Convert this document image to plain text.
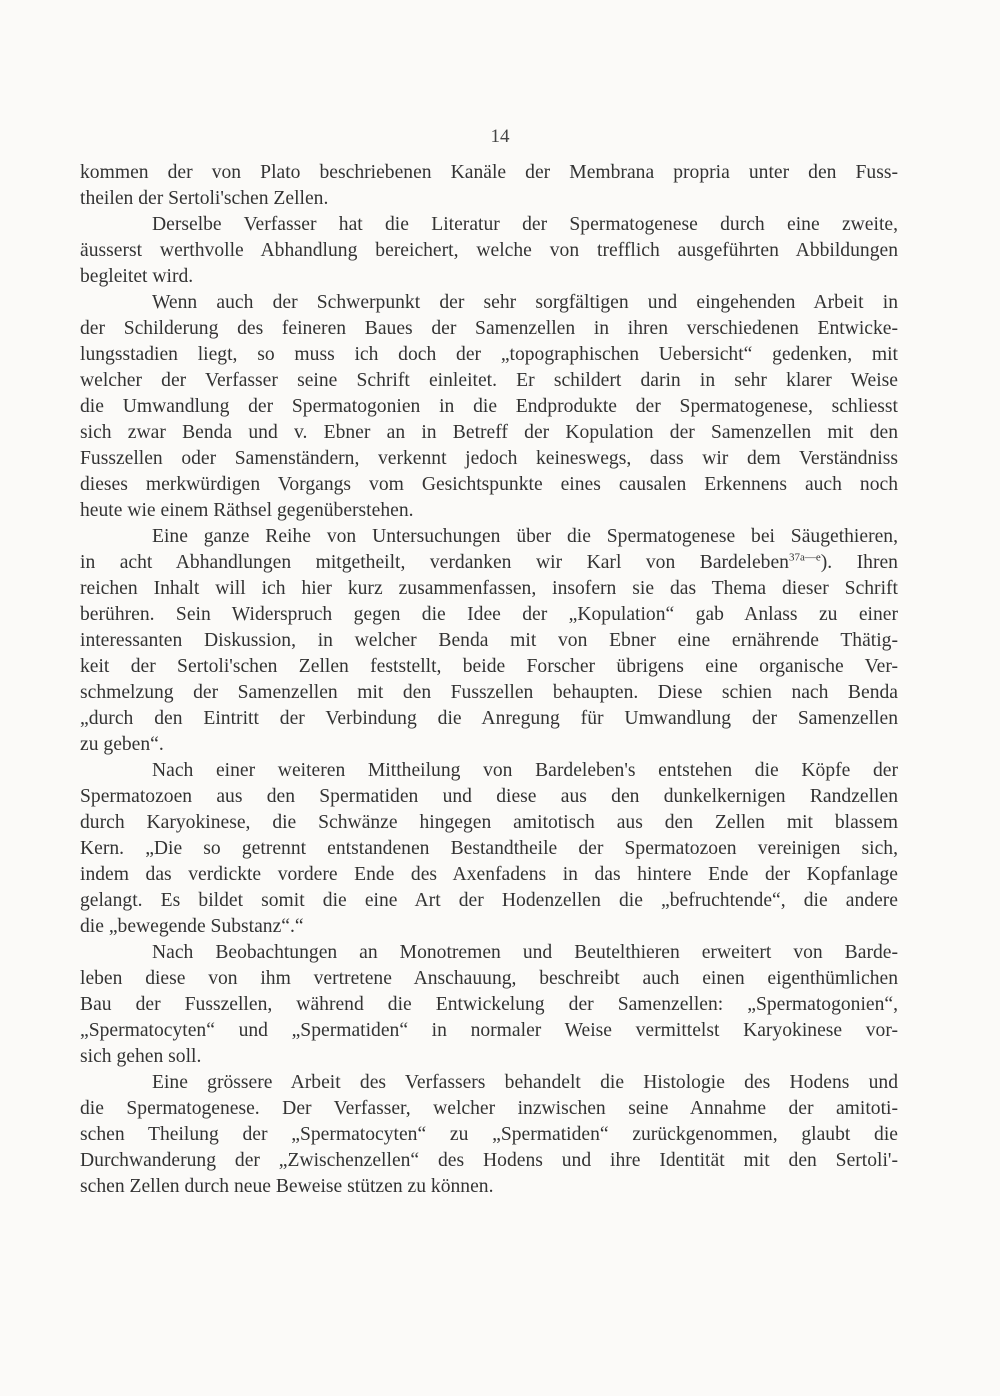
14
kommen der von Plato beschriebenen Kanäle der Membrana propria unter den Fuss-
theilen der Sertoli'schen Zellen.
Derselbe Verfasser hat die Literatur der Spermatogenese durch eine zweite,
äusserst werthvolle Abhandlung bereichert, welche von trefflich ausgeführten Abbildungen
begleitet wird.
Wenn auch der Schwerpunkt der sehr sorgfältigen und eingehenden Arbeit in
der Schilderung des feineren Baues der Samenzellen in ihren verschiedenen Entwicke-
lungsstadien liegt, so muss ich doch der „topographischen Uebersicht“ gedenken, mit
welcher der Verfasser seine Schrift einleitet. Er schildert darin in sehr klarer Weise
die Umwandlung der Spermatogonien in die Endprodukte der Spermatogenese, schliesst
sich zwar Benda und v. Ebner an in Betreff der Kopulation der Samenzellen mit den
Fusszellen oder Samenständern, verkennt jedoch keineswegs, dass wir dem Verständniss
dieses merkwürdigen Vorgangs vom Gesichtspunkte eines causalen Erkennens auch noch
heute wie einem Räthsel gegenüberstehen.
Eine ganze Reihe von Untersuchungen über die Spermatogenese bei Säugethieren,
in acht Abhandlungen mitgetheilt, verdanken wir Karl von Bardeleben$^{37a—e}$). Ihren
reichen Inhalt will ich hier kurz zusammenfassen, insofern sie das Thema dieser Schrift
berühren. Sein Widerspruch gegen die Idee der „Kopulation“ gab Anlass zu einer
interessanten Diskussion, in welcher Benda mit von Ebner eine ernährende Thätig-
keit der Sertoli'schen Zellen feststellt, beide Forscher übrigens eine organische Ver-
schmelzung der Samenzellen mit den Fusszellen behaupten. Diese schien nach Benda
„durch den Eintritt der Verbindung die Anregung für Umwandlung der Samenzellen
zu geben“.
Nach einer weiteren Mittheilung von Bardeleben's entstehen die Köpfe der
Spermatozoen aus den Spermatiden und diese aus den dunkelkernigen Randzellen
durch Karyokinese, die Schwänze hingegen amitotisch aus den Zellen mit blassem
Kern. „Die so getrennt entstandenen Bestandtheile der Spermatozoen vereinigen sich,
indem das verdickte vordere Ende des Axenfadens in das hintere Ende der Kopfanlage
gelangt. Es bildet somit die eine Art der Hodenzellen die „befruchtende“, die andere
die „bewegende Substanz“.“
Nach Beobachtungen an Monotremen und Beutelthieren erweitert von Barde-
leben diese von ihm vertretene Anschauung, beschreibt auch einen eigenthümlichen
Bau der Fusszellen, während die Entwickelung der Samenzellen: „Spermatogonien“,
„Spermatocyten“ und „Spermatiden“ in normaler Weise vermittelst Karyokinese vor-
sich gehen soll.
Eine grössere Arbeit des Verfassers behandelt die Histologie des Hodens und
die Spermatogenese. Der Verfasser, welcher inzwischen seine Annahme der amitoti-
schen Theilung der „Spermatocyten“ zu „Spermatiden“ zurückgenommen, glaubt die
Durchwanderung der „Zwischenzellen“ des Hodens und ihre Identität mit den Sertoli'-
schen Zellen durch neue Beweise stützen zu können.
